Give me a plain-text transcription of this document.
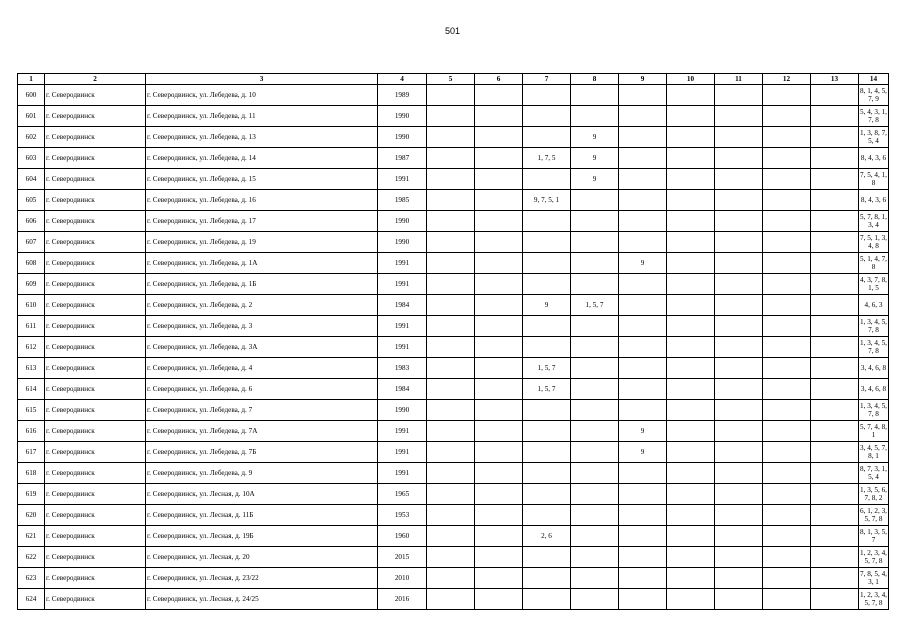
501
1	2	3	4	5	6	7	8	9	10	11	12	13	14
600	г. Северодвинск	г. Северодвинск, ул. Лебедева, д. 10	1989										8, 1, 4, 5, 7, 9
601	г. Северодвинск	г. Северодвинск, ул. Лебедева, д. 11	1990										5, 4, 3, 1, 7, 8
602	г. Северодвинск	г. Северодвинск, ул. Лебедева, д. 13	1990				9						1, 3, 8, 7, 5, 4
603	г. Северодвинск	г. Северодвинск, ул. Лебедева, д. 14	1987			1, 7, 5	9						8, 4, 3, 6
604	г. Северодвинск	г. Северодвинск, ул. Лебедева, д. 15	1991				9						7, 5, 4, 1, 8
605	г. Северодвинск	г. Северодвинск, ул. Лебедева, д. 16	1985			9, 7, 5, 1							8, 4, 3, 6
606	г. Северодвинск	г. Северодвинск, ул. Лебедева, д. 17	1990										5, 7, 8, 1, 3, 4
607	г. Северодвинск	г. Северодвинск, ул. Лебедева, д. 19	1990										7, 5, 1, 3, 4, 8
608	г. Северодвинск	г. Северодвинск, ул. Лебедева, д. 1А	1991					9					5, 1, 4, 7, 8
609	г. Северодвинск	г. Северодвинск, ул. Лебедева, д. 1Б	1991										4, 3, 7, 8, 1, 5
610	г. Северодвинск	г. Северодвинск, ул. Лебедева, д. 2	1984			9	1, 5, 7						4, 6, 3
611	г. Северодвинск	г. Северодвинск, ул. Лебедева, д. 3	1991										1, 3, 4, 5, 7, 8
612	г. Северодвинск	г. Северодвинск, ул. Лебедева, д. 3А	1991										1, 3, 4, 5, 7, 8
613	г. Северодвинск	г. Северодвинск, ул. Лебедева, д. 4	1983			1, 5, 7							3, 4, 6, 8
614	г. Северодвинск	г. Северодвинск, ул. Лебедева, д. 6	1984			1, 5, 7							3, 4, 6, 8
615	г. Северодвинск	г. Северодвинск, ул. Лебедева, д. 7	1990										1, 3, 4, 5, 7, 8
616	г. Северодвинск	г. Северодвинск, ул. Лебедева, д. 7А	1991					9					5, 7, 4, 8, 1
617	г. Северодвинск	г. Северодвинск, ул. Лебедева, д. 7Б	1991					9					3, 4, 5, 7, 8, 1
618	г. Северодвинск	г. Северодвинск, ул. Лебедева, д. 9	1991										8, 7, 3, 1, 5, 4
619	г. Северодвинск	г. Северодвинск, ул. Лесная, д. 10А	1965										1, 3, 5, 6, 7, 8, 2
620	г. Северодвинск	г. Северодвинск, ул. Лесная, д. 11Б	1953										6, 1, 2, 3, 5, 7, 8
621	г. Северодвинск	г. Северодвинск, ул. Лесная, д. 19Б	1960			2, 6							8, 1, 3, 5, 7
622	г. Северодвинск	г. Северодвинск, ул. Лесная, д. 20	2015										1, 2, 3, 4, 5, 7, 8
623	г. Северодвинск	г. Северодвинск, ул. Лесная, д. 23/22	2010										7, 8, 5, 4, 3, 1
624	г. Северодвинск	г. Северодвинск, ул. Лесная, д. 24/25	2016										1, 2, 3, 4, 5, 7, 8
